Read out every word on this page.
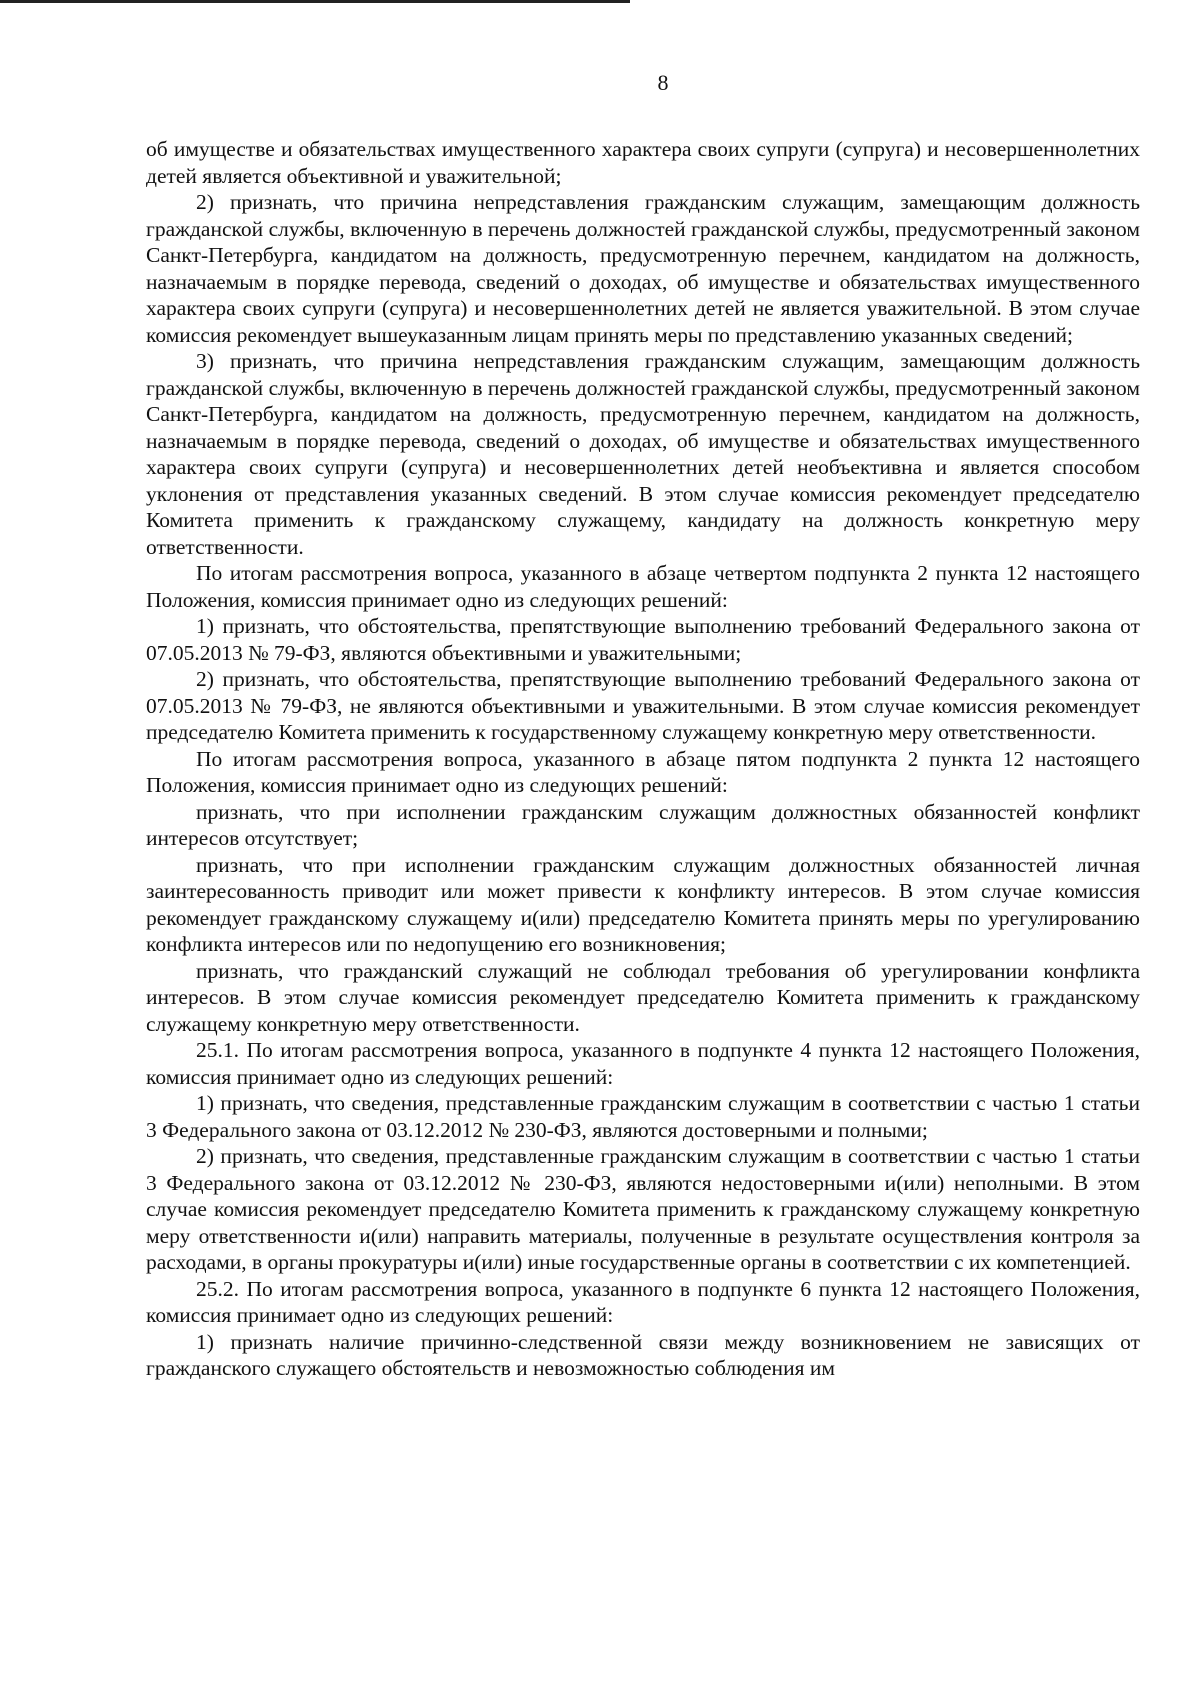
8

об имуществе и обязательствах имущественного характера своих супруги (супруга) и несовершеннолетних детей является объективной и уважительной;

2) признать, что причина непредставления гражданским служащим, замещающим должность гражданской службы, включенную в перечень должностей гражданской службы, предусмотренный законом Санкт-Петербурга, кандидатом на должность, предусмотренную перечнем, кандидатом на должность, назначаемым в порядке перевода, сведений о доходах, об имуществе и обязательствах имущественного характера своих супруги (супруга) и несовершеннолетних детей не является уважительной. В этом случае комиссия рекомендует вышеуказанным лицам принять меры по представлению указанных сведений;

3) признать, что причина непредставления гражданским служащим, замещающим должность гражданской службы, включенную в перечень должностей гражданской службы, предусмотренный законом Санкт-Петербурга, кандидатом на должность, предусмотренную перечнем, кандидатом на должность, назначаемым в порядке перевода, сведений о доходах, об имуществе и обязательствах имущественного характера своих супруги (супруга) и несовершеннолетних детей необъективна и является способом уклонения от представления указанных сведений. В этом случае комиссия рекомендует председателю Комитета применить к гражданскому служащему, кандидату на должность конкретную меру ответственности.

По итогам рассмотрения вопроса, указанного в абзаце четвертом подпункта 2 пункта 12 настоящего Положения, комиссия принимает одно из следующих решений:

1) признать, что обстоятельства, препятствующие выполнению требований Федерального закона от 07.05.2013 № 79-ФЗ, являются объективными и уважительными;

2) признать, что обстоятельства, препятствующие выполнению требований Федерального закона от 07.05.2013 № 79-ФЗ, не являются объективными и уважительными. В этом случае комиссия рекомендует председателю Комитета применить к государственному служащему конкретную меру ответственности.

По итогам рассмотрения вопроса, указанного в абзаце пятом подпункта 2 пункта 12 настоящего Положения, комиссия принимает одно из следующих решений:

признать, что при исполнении гражданским служащим должностных обязанностей конфликт интересов отсутствует;

признать, что при исполнении гражданским служащим должностных обязанностей личная заинтересованность приводит или может привести к конфликту интересов. В этом случае комиссия рекомендует гражданскому служащему и(или) председателю Комитета принять меры по урегулированию конфликта интересов или по недопущению его возникновения;

признать, что гражданский служащий не соблюдал требования об урегулировании конфликта интересов. В этом случае комиссия рекомендует председателю Комитета применить к гражданскому служащему конкретную меру ответственности.

25.1. По итогам рассмотрения вопроса, указанного в подпункте 4 пункта 12 настоящего Положения, комиссия принимает одно из следующих решений:

1) признать, что сведения, представленные гражданским служащим в соответствии с частью 1 статьи 3 Федерального закона от 03.12.2012 № 230-ФЗ, являются достоверными и полными;

2) признать, что сведения, представленные гражданским служащим в соответствии с частью 1 статьи 3 Федерального закона от 03.12.2012 № 230-ФЗ, являются недостоверными и(или) неполными. В этом случае комиссия рекомендует председателю Комитета применить к гражданскому служащему конкретную меру ответственности и(или) направить материалы, полученные в результате осуществления контроля за расходами, в органы прокуратуры и(или) иные государственные органы в соответствии с их компетенцией.

25.2. По итогам рассмотрения вопроса, указанного в подпункте 6 пункта 12 настоящего Положения, комиссия принимает одно из следующих решений:

1) признать наличие причинно-следственной связи между возникновением не зависящих от гражданского служащего обстоятельств и невозможностью соблюдения им
